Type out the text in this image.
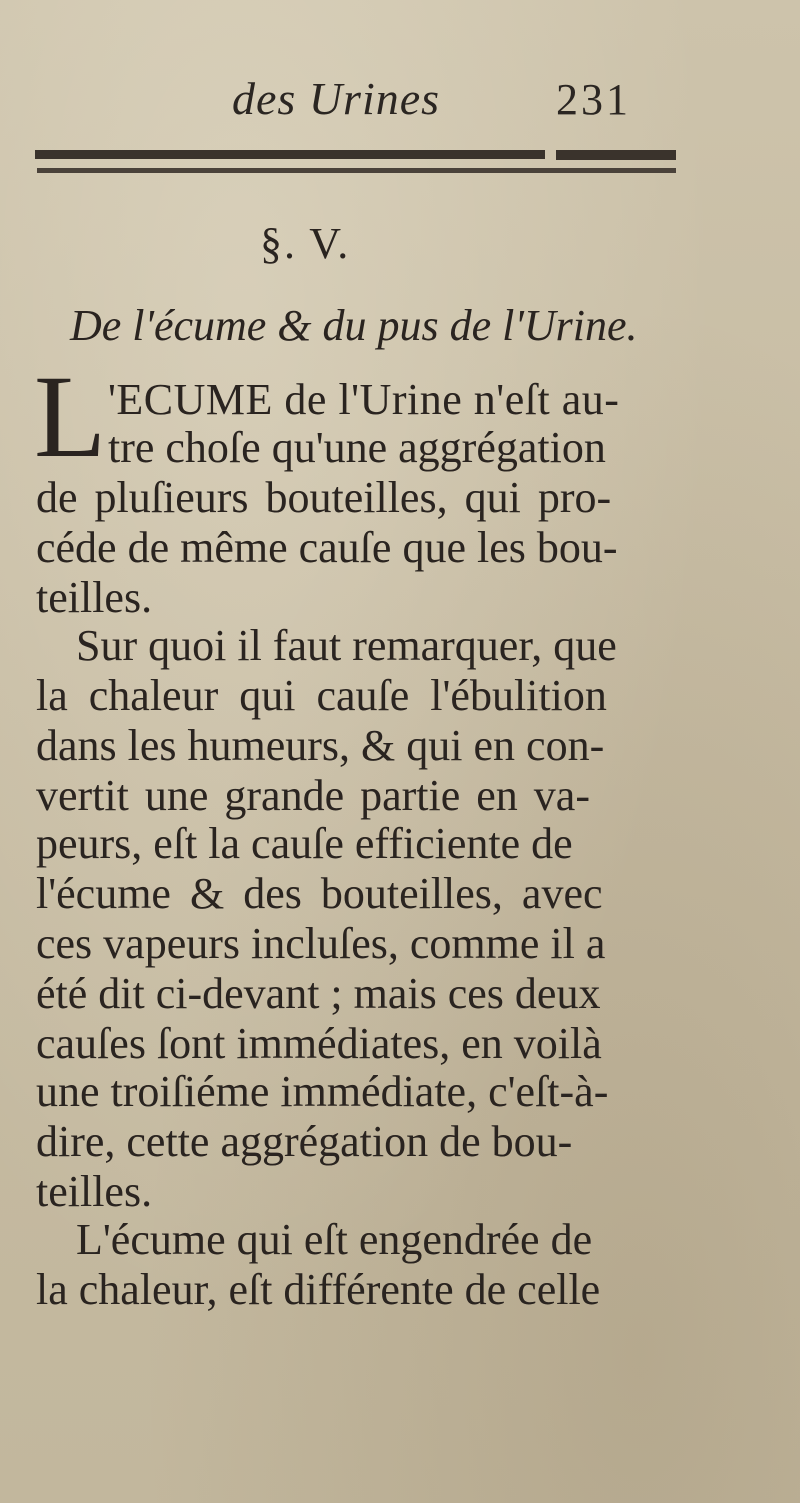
des Urines	231
§. V.
De l'écume & du pus de l'Urine.
L 'ECUME de l'Urine n'eſt au-
tre choſe qu'une aggrégation
de pluſieurs bouteilles, qui pro-
céde de même cauſe que les bou-
teilles.
Sur quoi il faut remarquer, que
la chaleur qui cauſe l'ébulition
dans les humeurs, & qui en con-
vertit une grande partie en va-
peurs, eſt la cauſe efficiente de
l'écume & des bouteilles, avec
ces vapeurs incluſes, comme il a
été dit ci-devant ; mais ces deux
cauſes ſont immédiates, en voilà
une troiſiéme immédiate, c'eſt-à-
dire, cette aggrégation de bou-
teilles.
L'écume qui eſt engendrée de
la chaleur, eſt différente de celle
